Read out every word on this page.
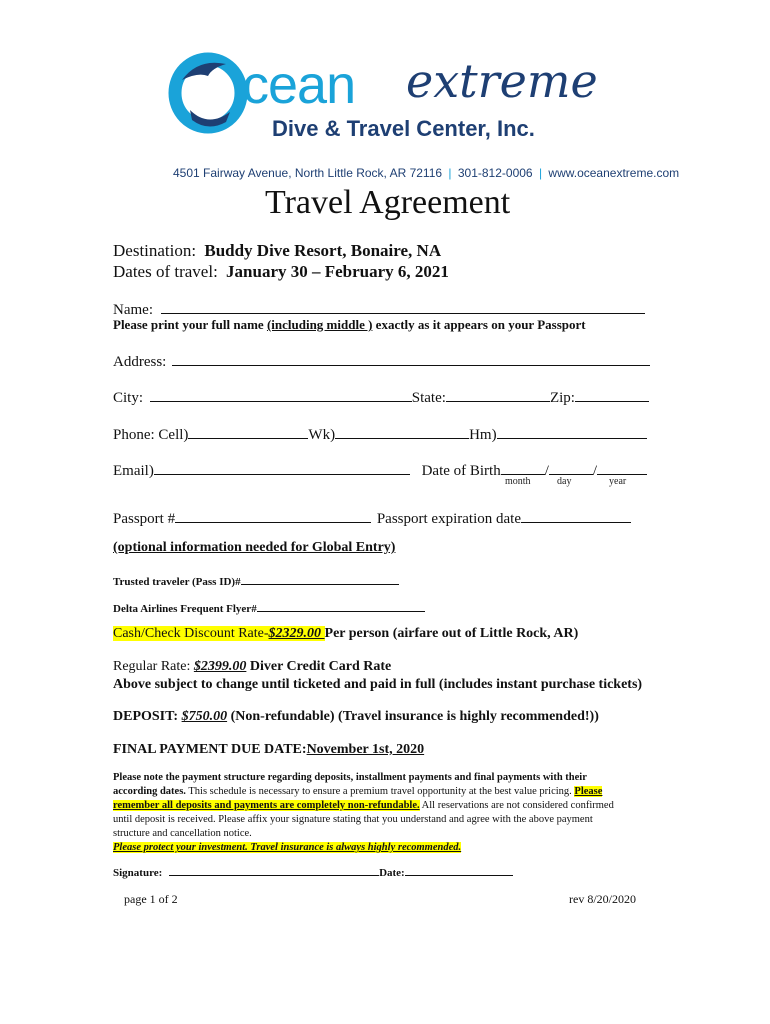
cean extreme
Dive & Travel Center, Inc.
4501 Fairway Avenue, North Little Rock, AR 72116 | 301-812-0006 | www.oceanextreme.com
Travel Agreement
Destination: Buddy Dive Resort, Bonaire, NA
Dates of travel: January 30 – February 6, 2021
Name:
Please print your full name (including middle ) exactly as it appears on your Passport
Address:
City:	State:	Zip:
Phone: Cell)	Wk)	Hm)
Email)	Date of Birth	/	/
month	day	year
Passport #	Passport expiration date
(optional information needed for Global Entry)
Trusted traveler (Pass ID)#
Delta Airlines Frequent Flyer#
Cash/Check Discount Rate-$2329.00 Per person (airfare out of Little Rock, AR)
Regular Rate: $2399.00 Diver Credit Card Rate
Above subject to change until ticketed and paid in full (includes instant purchase tickets)
DEPOSIT: $750.00 (Non-refundable) (Travel insurance is highly recommended!))
FINAL PAYMENT DUE DATE:November 1st, 2020
Please note the payment structure regarding deposits, installment payments and final payments with their
according dates. This schedule is necessary to ensure a premium travel opportunity at the best value pricing. Please
remember all deposits and payments are completely non-refundable. All reservations are not considered confirmed
until deposit is received. Please affix your signature stating that you understand and agree with the above payment
structure and cancellation notice.
Please protect your investment. Travel insurance is always highly recommended.
Signature:	Date:
page 1 of 2	rev 8/20/2020
